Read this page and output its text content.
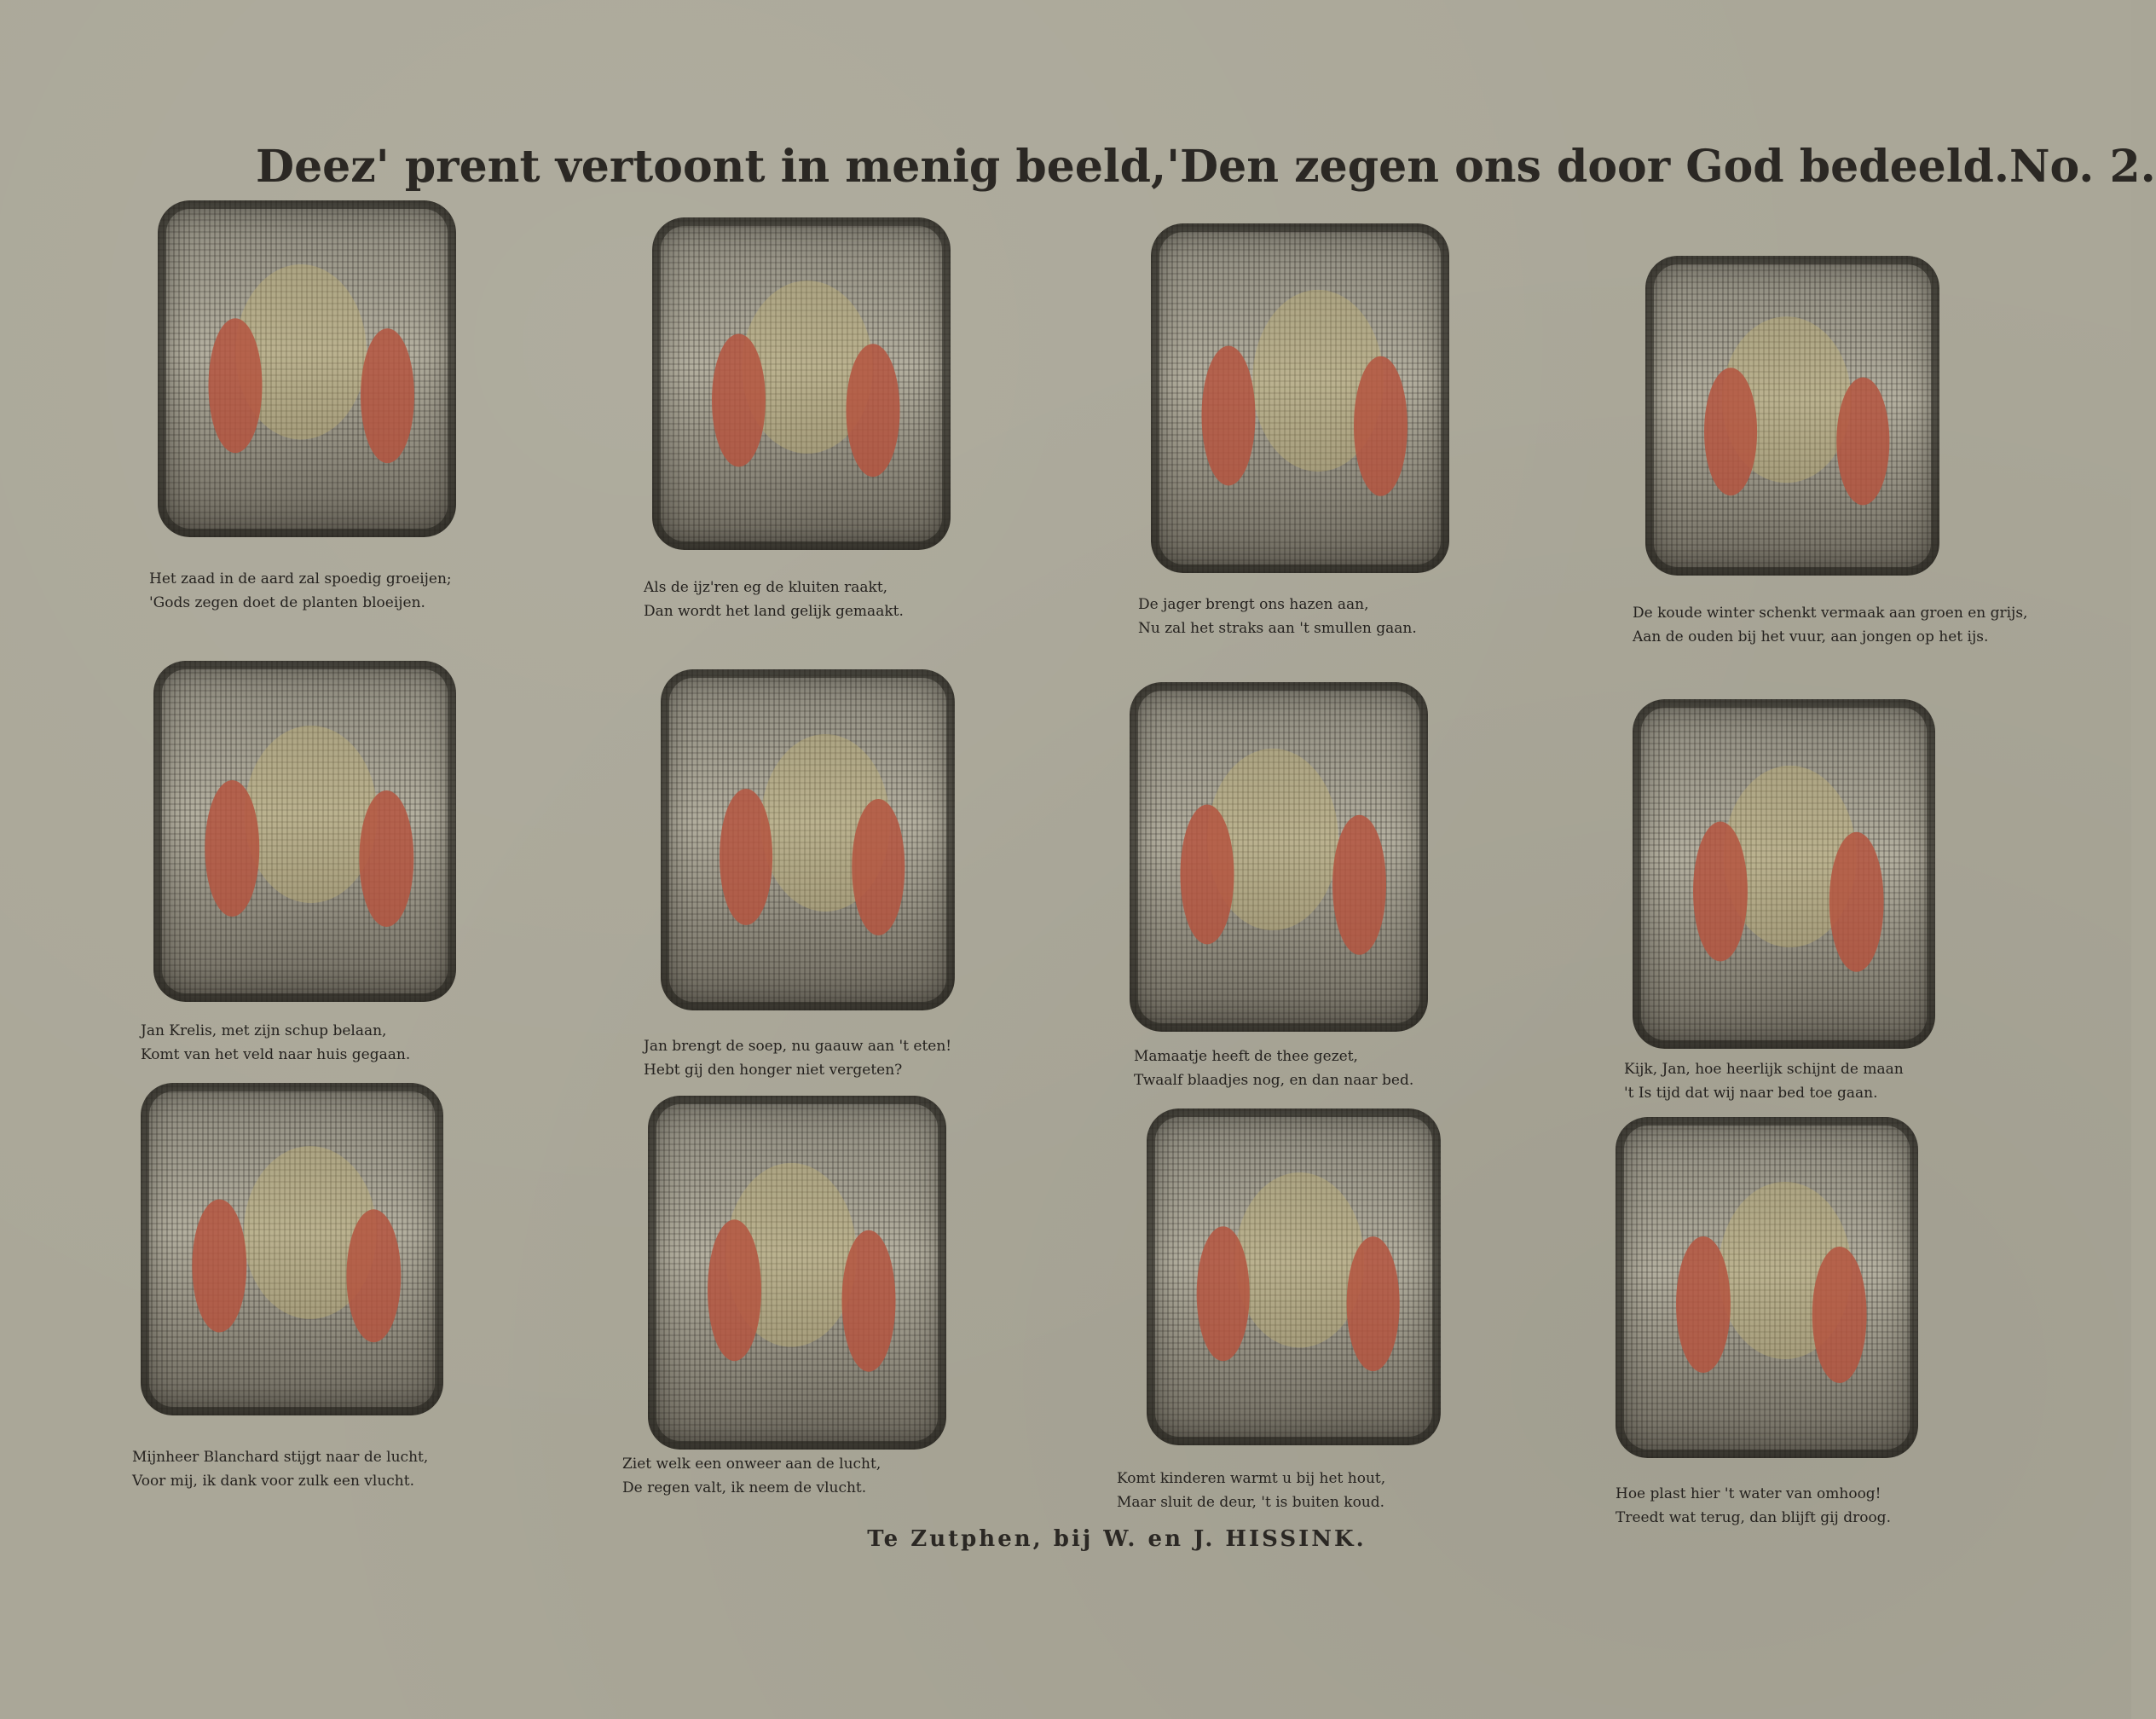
Deez' prent vertoont in menig beeld, 'Den zegen ons door God bedeeld. No. 2.
Het zaad in de aard zal spoedig groeijen;
'Gods zegen doet de planten bloeijen.
Als de ijz'ren eg de kluiten raakt,
Dan wordt het land gelijk gemaakt.	De jager brengt ons hazen aan,
Nu zal het straks aan 't smullen gaan.
De koude winter schenkt vermaak aan groen en grijs,
Aan de ouden bij het vuur, aan jongen op het ijs.
Jan Krelis, met zijn schup belaan,
Komt van het veld naar huis gegaan.	Jan brengt de soep, nu gaauw aan 't eten!
Hebt gij den honger niet vergeten?
Mamaatje heeft de thee gezet,
Twaalf blaadjes nog, en dan naar bed.
Kijk, Jan, hoe heerlijk schijnt de maan
't Is tijd dat wij naar bed toe gaan.
Mijnheer Blanchard stijgt naar de lucht,
Voor mij, ik dank voor zulk een vlucht.
Ziet welk een onweer aan de lucht,
De regen valt, ik neem de vlucht.
Komt kinderen warmt u bij het hout,
Maar sluit de deur, 't is buiten koud.	Hoe plast hier 't water van omhoog!
Treedt wat terug, dan blijft gij droog.
Te Zutphen, bij W. en J. HISSINK.
